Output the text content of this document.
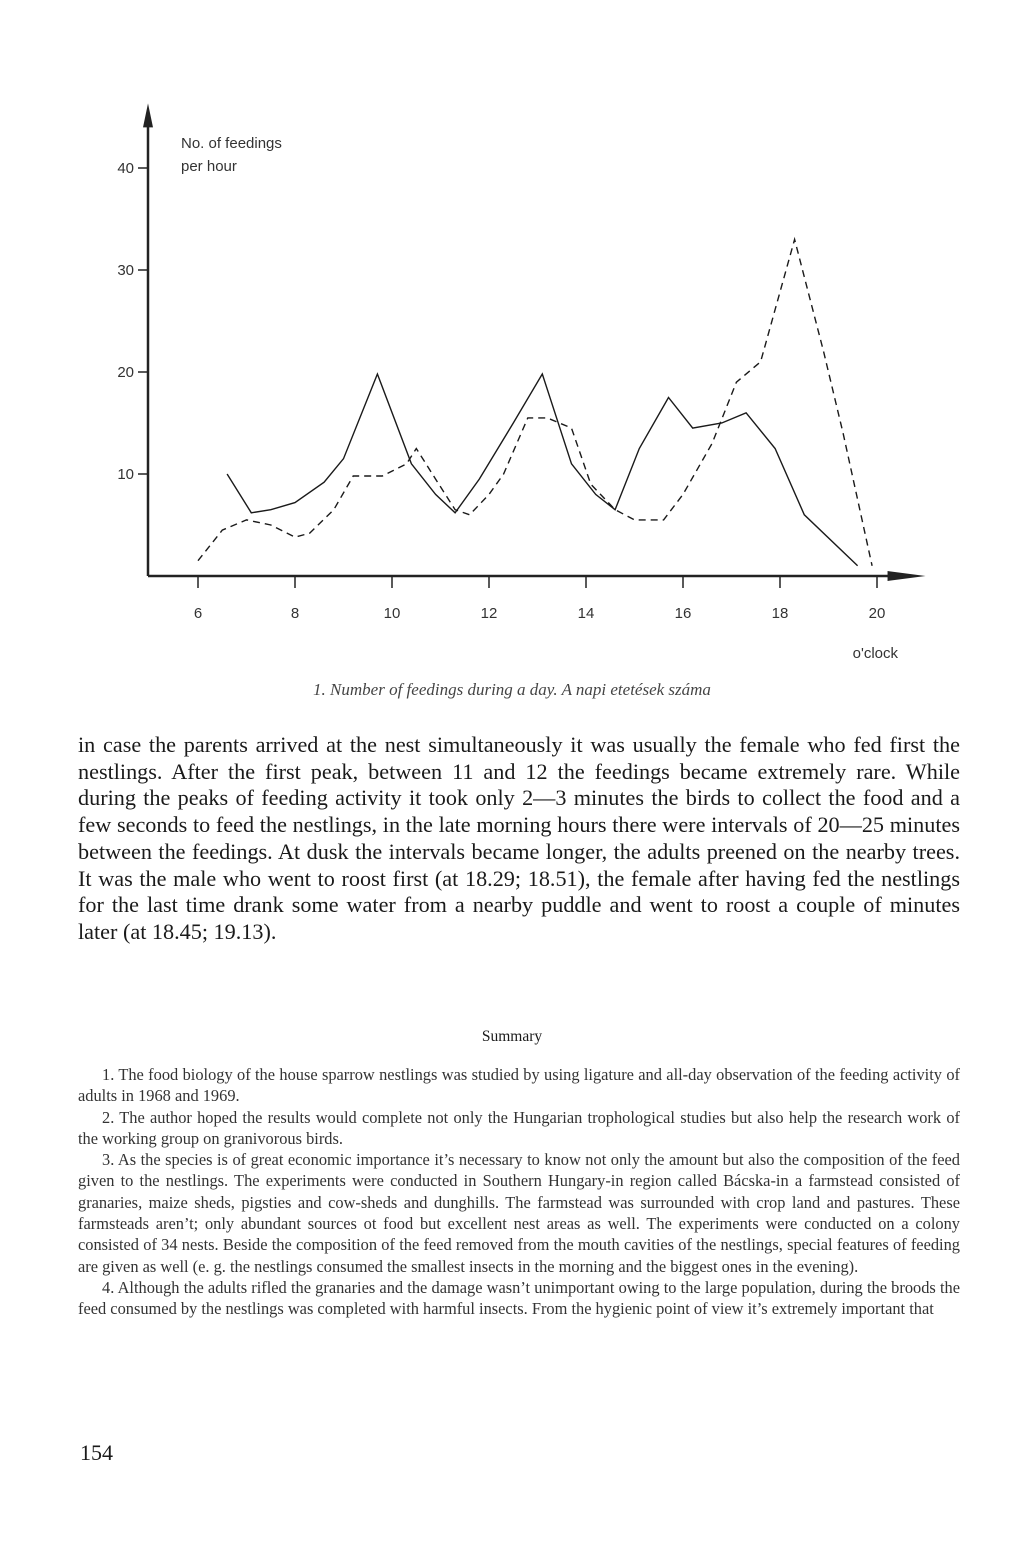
6	8	10	12	14	16	18	20
10
20
30
40
No. of feedings
per hour
o'clock
1. Number of feedings during a day. A napi etetések száma

in case the parents arrived at the nest simultaneously it was usually the female who fed first the nestlings. After the first peak, between 11 and 12 the feedings became extremely rare. While during the peaks of feeding activity it took only 2—3 minutes the birds to collect the food and a few seconds to feed the nestlings, in the late morning hours there were intervals of 20—25 minutes between the feedings. At dusk the intervals became longer, the adults preened on the nearby trees. It was the male who went to roost first (at 18.29; 18.51), the female after having fed the nestlings for the last time drank some water from a nearby puddle and went to roost a couple of minutes later (at 18.45; 19.13).

Summary

1. The food biology of the house sparrow nestlings was studied by using ligature and all-day observation of the feeding activity of adults in 1968 and 1969.

2. The author hoped the results would complete not only the Hungarian trophological studies but also help the research work of the working group on granivorous birds.

3. As the species is of great economic importance it’s necessary to know not only the amount but also the composition of the feed given to the nestlings. The experiments were conducted in Southern Hungary-in region called Bácska-in a farmstead consisted of granaries, maize sheds, pigsties and cow-sheds and dunghills. The farmstead was surrounded with crop land and pastures. These farmsteads aren’t; only abundant sources ot food but excellent nest areas as well. The experiments were conducted on a colony consisted of 34 nests. Beside the composition of the feed removed from the mouth cavities of the nestlings, special features of feeding are given as well (e. g. the nestlings consumed the smallest insects in the morning and the biggest ones in the evening).

4. Although the adults rifled the granaries and the damage wasn’t unimportant owing to the large population, during the broods the feed consumed by the nestlings was completed with harmful insects. From the hygienic point of view it’s extremely important that

154
